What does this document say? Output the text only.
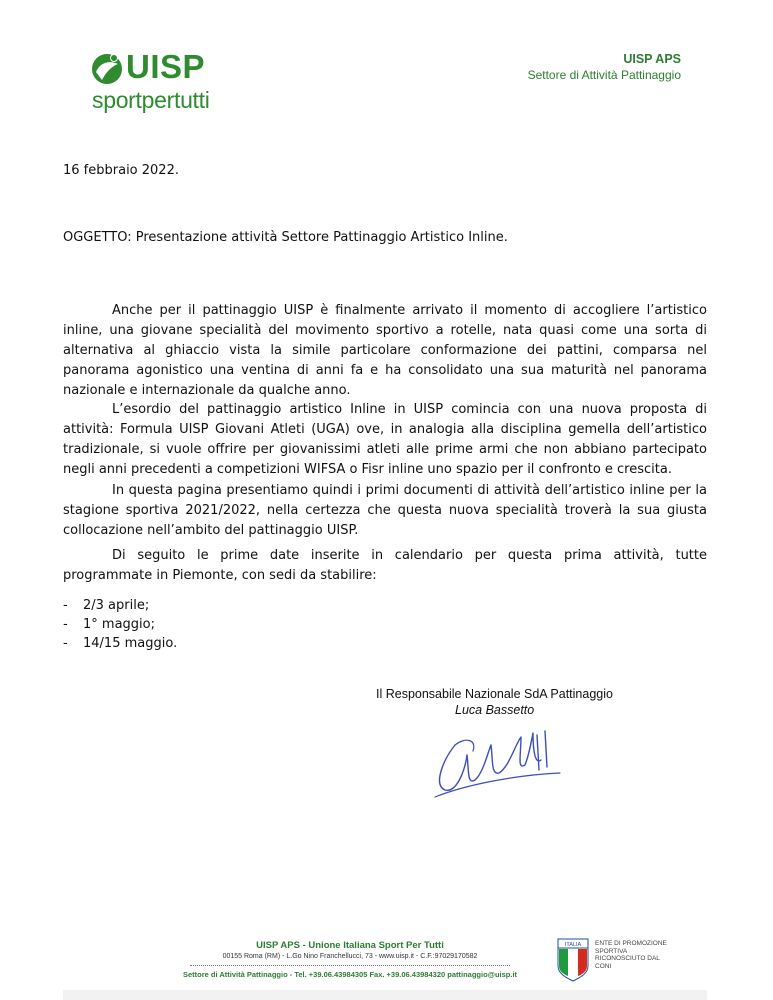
UISP
sportpertutti
UISP APS
Settore di Attività Pattinaggio
16 febbraio 2022.
OGGETTO: Presentazione attività Settore Pattinaggio Artistico Inline.

Anche per il pattinaggio UISP è finalmente arrivato il momento di accogliere l’artistico inline, una giovane specialità del movimento sportivo a rotelle, nata quasi come una sorta di alternativa al ghiaccio vista la simile particolare conformazione dei pattini, comparsa nel panorama agonistico una ventina di anni fa e ha consolidato una sua maturità nel panorama nazionale e internazionale da qualche anno.

L’esordio del pattinaggio artistico Inline in UISP comincia con una nuova proposta di attività: Formula UISP Giovani Atleti (UGA) ove, in analogia alla disciplina gemella dell’artistico tradizionale, si vuole offrire per giovanissimi atleti alle prime armi che non abbiano partecipato negli anni precedenti a competizioni WIFSA o Fisr inline uno spazio per il confronto e crescita.

In questa pagina presentiamo quindi i primi documenti di attività dell’artistico inline per la stagione sportiva 2021/2022, nella certezza che questa nuova specialità troverà la sua giusta collocazione nell’ambito del pattinaggio UISP.

Di seguito le prime date inserite in calendario per questa prima attività, tutte programmate in Piemonte, con sedi da stabilire:

- 2/3 aprile;
- 1° maggio;
- 14/15 maggio.
Il Responsabile Nazionale SdA Pattinaggio
Luca Bassetto
UISP APS - Unione Italiana Sport Per Tutti
00155 Roma (RM) - L.Go Nino Franchellucci, 73 - www.uisp.it - C.F.:97029170582
Settore di Attività Pattinaggio - Tel. +39.06.43984305 Fax. +39.06.43984320 pattinaggio@uisp.it
ITALIA ENTE DI PROMOZIONE SPORTIVA RICONOSCIUTO DAL CONI
